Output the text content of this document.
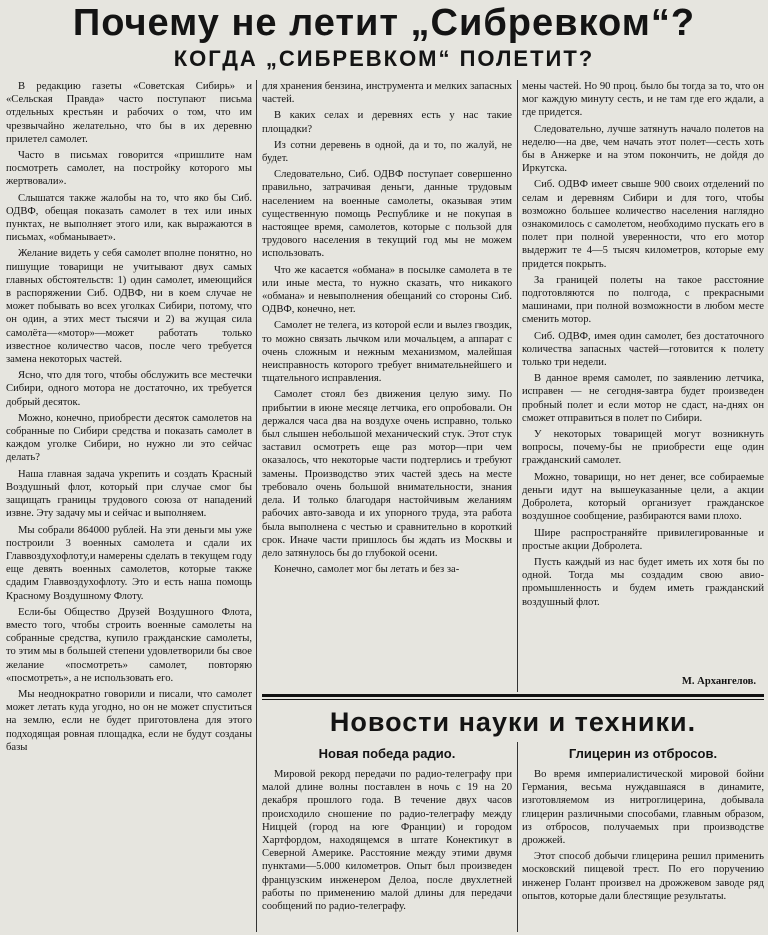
Почему не летит „Сибревком“?
КОГДА „СИБРЕВКОМ“ ПОЛЕТИТ?

В редакцию газеты «Советская Сибирь» и «Сельская Правда» часто поступают письма отдельных крестьян и рабочих о том, что им чрезвычайно желательно, что бы в их деревню прилетел самолет.

Часто в письмах говорится «пришлите нам посмотреть самолет, на постройку которого мы жертвовали».

Слышатся также жалобы на то, что яко бы Сиб. ОДВФ, обещая показать самолет в тех или иных пунктах, не выполняет этого или, как выражаются в письмах, «обманывает».

Желание видеть у себя самолет вполне понятно, но пишущие товарищи не учитывают двух самых главных обстоятельств: 1) один самолет, имеющийся в распоряжении Сиб. ОДВФ, ни в коем случае не может побывать во всех уголках Сибири, потому, что он один, а этих мест тысячи и 2) ва жущая сила самолёта—«мотор»—может работать только известное количество часов, после чего требуется замена некоторых частей.

Ясно, что для того, чтобы обслужить все местечки Сибири, одного мотора не достаточно, их требуется добрый десяток.

Можно, конечно, приобрести десяток самолетов на собранные по Сибири средства и показать самолет в каждом уголке Сибири, но нужно ли это сейчас делать?

Наша главная задача укрепить и создать Красный Воздушный флот, который при случае смог бы защищать границы трудового союза от нападений извне. Эту задачу мы и сейчас и выполняем.

Мы собрали 864000 рублей. На эти деньги мы уже построили 3 военных самолета и сдали их Главвоздухофлоту,и намерены сделать в текущем году еще девять военных самолетов, которые также сдадим Главвоздухофлоту. Это и есть наша помощь Красному Воздушному Флоту.

Если-бы Общество Друзей Воздушного Флота, вместо того, чтобы строить военные самолеты на собранные средства, купило гражданские самолеты, то этим мы в большей степени удовлетворили бы свое желание «посмотреть» самолет, повторяю «посмотреть», а не использовать его.

Мы неоднократно говорили и писали, что самолет может летать куда угодно, но он не может спуститься на землю, если не будет приготовлена для этого подходящая ровная площадка, если не будут созданы базы

для хранения бензина, инструмента и мелких запасных частей.

В каких селах и деревнях есть у нас такие площадки?

Из сотни деревень в одной, да и то, по жалуй, не будет.

Следовательно, Сиб. ОДВФ поступает совершенно правильно, затрачивая деньги, данные трудовым населением на военные самолеты, оказывая этим существенную помощь Республике и не покупая в настоящее время, самолетов, которые с пользой для трудового населения в текущий год мы не можем использовать.

Что же касается «обмана» в посылке самолета в те или иные места, то нужно сказать, что никакого «обмана» и невыполнения обещаний со стороны Сиб. ОДВФ, конечно, нет.

Самолет не телега, из которой если и вылез гвоздик, то можно связать лычком или мочальцем, а аппарат с очень сложным и нежным механизмом, малейшая неисправность которого требует внимательнейшего и тщательного исправления.

Самолет стоял без движения целую зиму. По прибытии в июне месяце летчика, его опробовали. Он держался часа два на воздухе очень исправно, только был слышен небольшой механический стук. Этот стук заставил осмотреть еще раз мотор—при чем оказалось, что некоторые части подтерлись и требуют замены. Производство этих частей здесь на месте требовало очень большой внимательности, знания дела. И только благодаря настойчивым желаниям рабочих авто-завода и их упорного труда, эта работа была выполнена с честью и сравнительно в короткий срок. Иначе части пришлось бы ждать из Москвы и дело затянулось бы до глубокой осени.

Конечно, самолет мог бы летать и без за-

мены частей. Но 90 проц. было бы тогда за то, что он мог каждую минуту сесть, и не там где его ждали, а где придется.

Следовательно, лучше затянуть начало полетов на неделю—на две, чем начать этот полет—сесть хоть бы в Анжерке и на этом покончить, не дойдя до Иркутска.

Сиб. ОДВФ имеет свыше 900 своих отделений по селам и деревням Сибири и для того, чтобы возможно большее количество населения наглядно ознакомилось с самолетом, необходимо пускать его в полет при полной уверенности, что его мотор выдержит те 4—5 тысяч километров, которые ему придется покрыть.

За границей полеты на такое расстояние подготовляются по полгода, с прекрасными машинами, при полной возможности в любом месте сменить мотор.

Сиб. ОДВФ, имея один самолет, без достаточного количества запасных частей—готовится к полету только три недели.

В данное время самолет, по заявлению летчика, исправен — не сегодня-завтра будет произведен пробный полет и если мотор не сдаст, на-днях он сможет отправиться в полет по Сибири.

У некоторых товарищей могут возникнуть вопросы, почему-бы не приобрести еще один гражданский самолет.

Можно, товарищи, но нет денег, все собираемые деньги идут на вышеуказанные цели, а акции Добролета, который организует гражданское воздушное сообщение, разбираются вами плохо.

Шире распространяйте привилегированные и простые акции Добролета.

Пусть каждый из нас будет иметь их хотя бы по одной. Тогда мы создадим свою авио-промышленность и будем иметь гражданский воздушный флот.

М. Архангелов.
Новости науки и техники.
Новая победа радио.	Глицерин из отбросов.

Мировой рекорд передачи по радио-телеграфу при малой длине волны поставлен в ночь с 19 на 20 декабря прошлого года. В течение двух часов происходило сношение по радио-телеграфу между Ниццей (город на юге Франции) и городом Хартфордом, находящемся в штате Конектикут в Северной Америке. Расстояние между этими двумя пунктами—5.000 километров. Опыт был произведен французским инженером Делоа, после двухлетней работы по применению малой длины для передачи сообщений по радио-телеграфу.

Во время империалистической мировой бойни Германия, весьма нуждавшаяся в динамите, изготовляемом из нитроглицерина, добывала глицерин различными способами, главным образом, из отбросов, получаемых при производстве дрожжей.

Этот способ добычи глицерина решил применить московский пищевой трест. По его поручению инженер Голант произвел на дрожжевом заводе ряд опытов, которые дали блестящие результаты.
